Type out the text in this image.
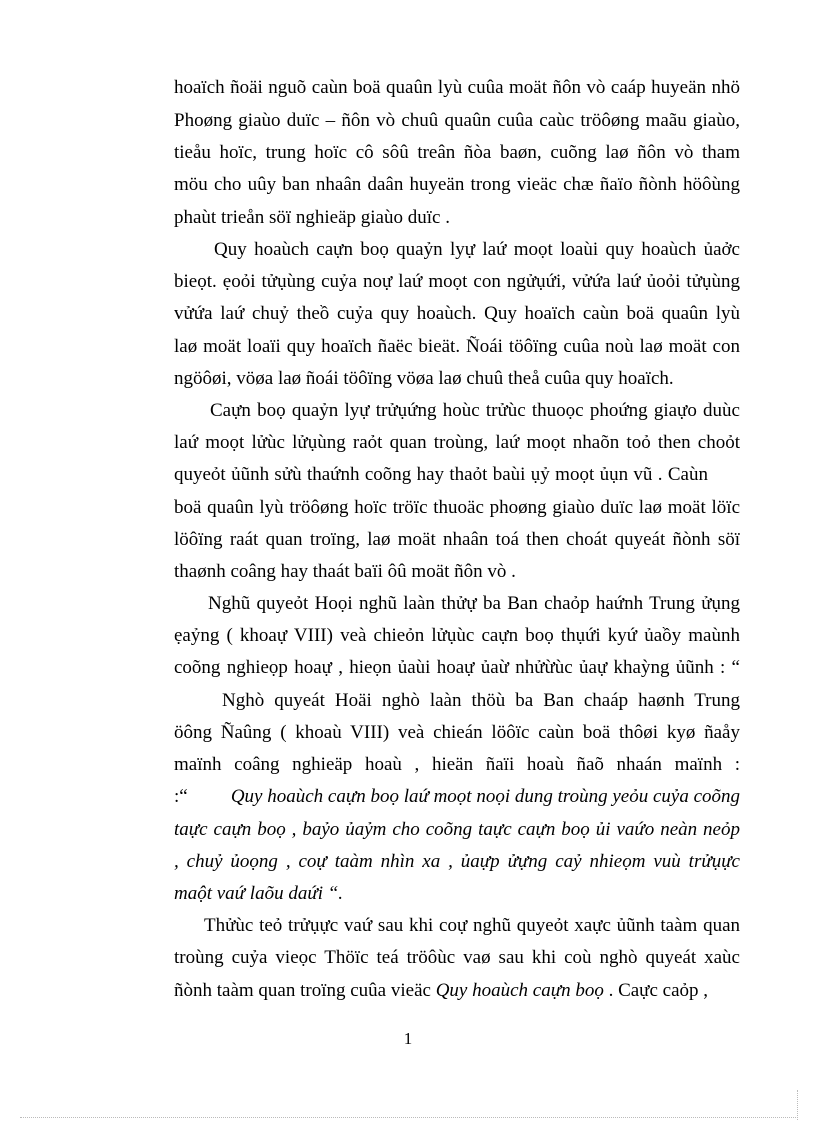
hoaïch ñoäi nguõ caùn boä quaûn lyù cuûa moät ñôn vò caáp huyeän nhö
Phoøng giaùo duïc – ñôn vò chuû quaûn cuûa caùc tröôøng maãu giaùo,
tieåu hoïc, trung hoïc cô sôû treân ñòa baøn, cuõng laø ñôn vò tham
möu cho uûy ban nhaân daân huyeän trong vieäc chæ ñaïo ñònh höôùng
phaùt trieån söï nghieäp giaùo duïc .
Quy hoaùch caựn boọ quaỷn lyự laứ moọt loaùi quy hoaùch ủaởc
bieọt. ẹoỏi tửụùng cuỷa noự laứ moọt con ngửụứi, vửứa laứ ủoỏi tửụùng
vửứa laứ chuỷ theồ cuỷa quy hoaùch. Quy hoaïch caùn boä quaûn lyù
laø moät loaïi quy hoaïch ñaëc bieät. Ñoái töôïng cuûa noù laø moät con
ngöôøi, vöøa laø ñoái töôïng vöøa laø chuû theå cuûa quy hoaïch.
Caựn boọ quaỷn lyự trửụứng hoùc trửùc thuoọc phoứng giaựo duùc
laứ moọt lửùc lửụùng raỏt quan troùng, laứ moọt nhaõn toỏ then choỏt
quyeỏt ủũnh sửù thaứnh coõng hay thaỏt baùi ụỷ moọt ủụn vũ . Caùn
boä quaûn lyù tröôøng hoïc tröïc thuoäc phoøng giaùo duïc laø moät löïc
löôïng raát quan troïng, laø moät nhaân toá then choát quyeát ñònh söï
thaønh coâng hay thaát baïi ôû moät ñôn vò .
Nghũ quyeỏt Hoọi nghũ laàn thửự ba Ban chaỏp haứnh Trung ửụng
ẹaỷng ( khoaự VIII) veà chieỏn lửụùc caựn boọ thụứi kyứ ủaồy maùnh
coõng nghieọp hoaự , hieọn ủaùi hoaự ủaừ nhửừùc ủaự khaỳng ủũnh : “
Nghò quyeát Hoäi nghò laàn thöù ba Ban chaáp haønh Trung
öông Ñaûng ( khoaù VIII) veà chieán löôïc caùn boä thôøi kyø ñaåy
maïnh coâng nghieäp hoaù , hieän ñaïi hoaù ñaõ nhaán maïnh :
:“ Quy hoaùch caựn boọ laứ moọt noọi dung troùng yeỏu cuỷa coõng
taực caựn boọ , baỷo ủaỷm cho coõng taực caựn boọ ủi vaứo neàn neỏp
, chuỷ ủoọng , coự taàm nhìn xa , ủaựp ửựng caỷ nhieọm vuù trửụực
maột vaứ laõu daứi “.
Thửùc teỏ trửụực vaứ sau khi coự nghũ quyeỏt xaực ủũnh taàm quan
troùng cuỷa vieọc Thöïc teá tröôùc vaø sau khi coù nghò quyeát xaùc
ñònh taàm quan troïng cuûa vieäc Quy hoaùch caựn boọ . Caực caỏp ,
1
